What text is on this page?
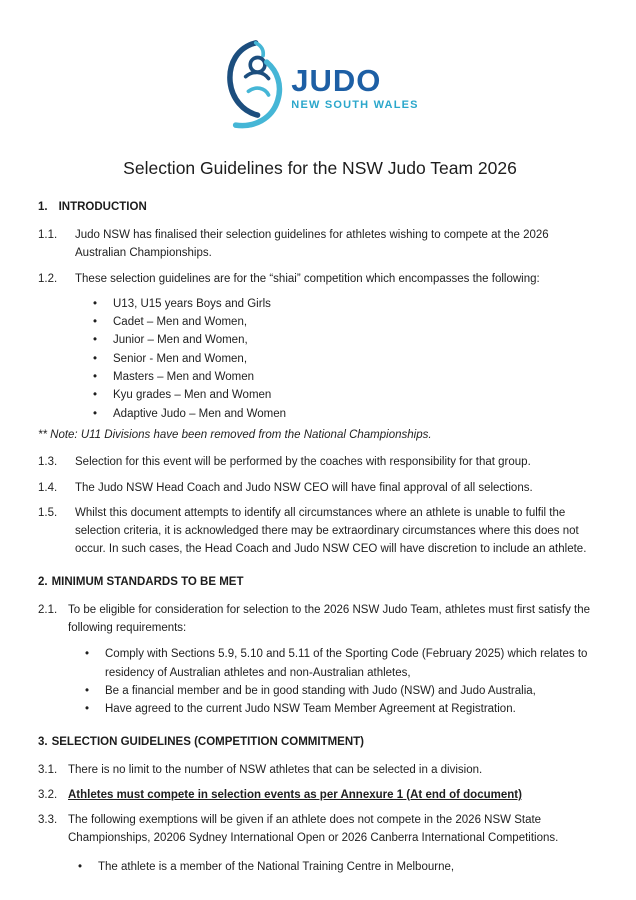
JUDO
NEW SOUTH WALES
Selection Guidelines for the NSW Judo Team 2026
1. INTRODUCTION
1.1.	Judo NSW has finalised their selection guidelines for athletes wishing to compete at the 2026 Australian Championships.

1.2.	These selection guidelines are for the “shiai” competition which encompasses the following:

• U13, U15 years Boys and Girls
• Cadet – Men and Women,
• Junior – Men and Women,
• Senior - Men and Women,
• Masters – Men and Women
• Kyu grades – Men and Women
• Adaptive Judo – Men and Women
** Note: U11 Divisions have been removed from the National Championships.
1.3.	Selection for this event will be performed by the coaches with responsibility for that group.

1.4.	The Judo NSW Head Coach and Judo NSW CEO will have final approval of all selections.

1.5.	Whilst this document attempts to identify all circumstances where an athlete is unable to fulfil the selection criteria, it is acknowledged there may be extraordinary circumstances where this does not occur. In such cases, the Head Coach and Judo NSW CEO will have discretion to include an athlete.

2. MINIMUM STANDARDS TO BE MET
2.1. To be eligible for consideration for selection to the 2026 NSW Judo Team, athletes must first satisfy the following requirements:

• Comply with Sections 5.9, 5.10 and 5.11 of the Sporting Code (February 2025) which relates to residency of Australian athletes and non-Australian athletes,
• Be a financial member and be in good standing with Judo (NSW) and Judo Australia,
• Have agreed to the current Judo NSW Team Member Agreement at Registration.
3. SELECTION GUIDELINES (COMPETITION COMMITMENT)
3.1. There is no limit to the number of NSW athletes that can be selected in a division.

3.2. Athletes must compete in selection events as per Annexure 1 (At end of document)

3.3. The following exemptions will be given if an athlete does not compete in the 2026 NSW State Championships, 20206 Sydney International Open or 2026 Canberra International Competitions.

• The athlete is a member of the National Training Centre in Melbourne,
